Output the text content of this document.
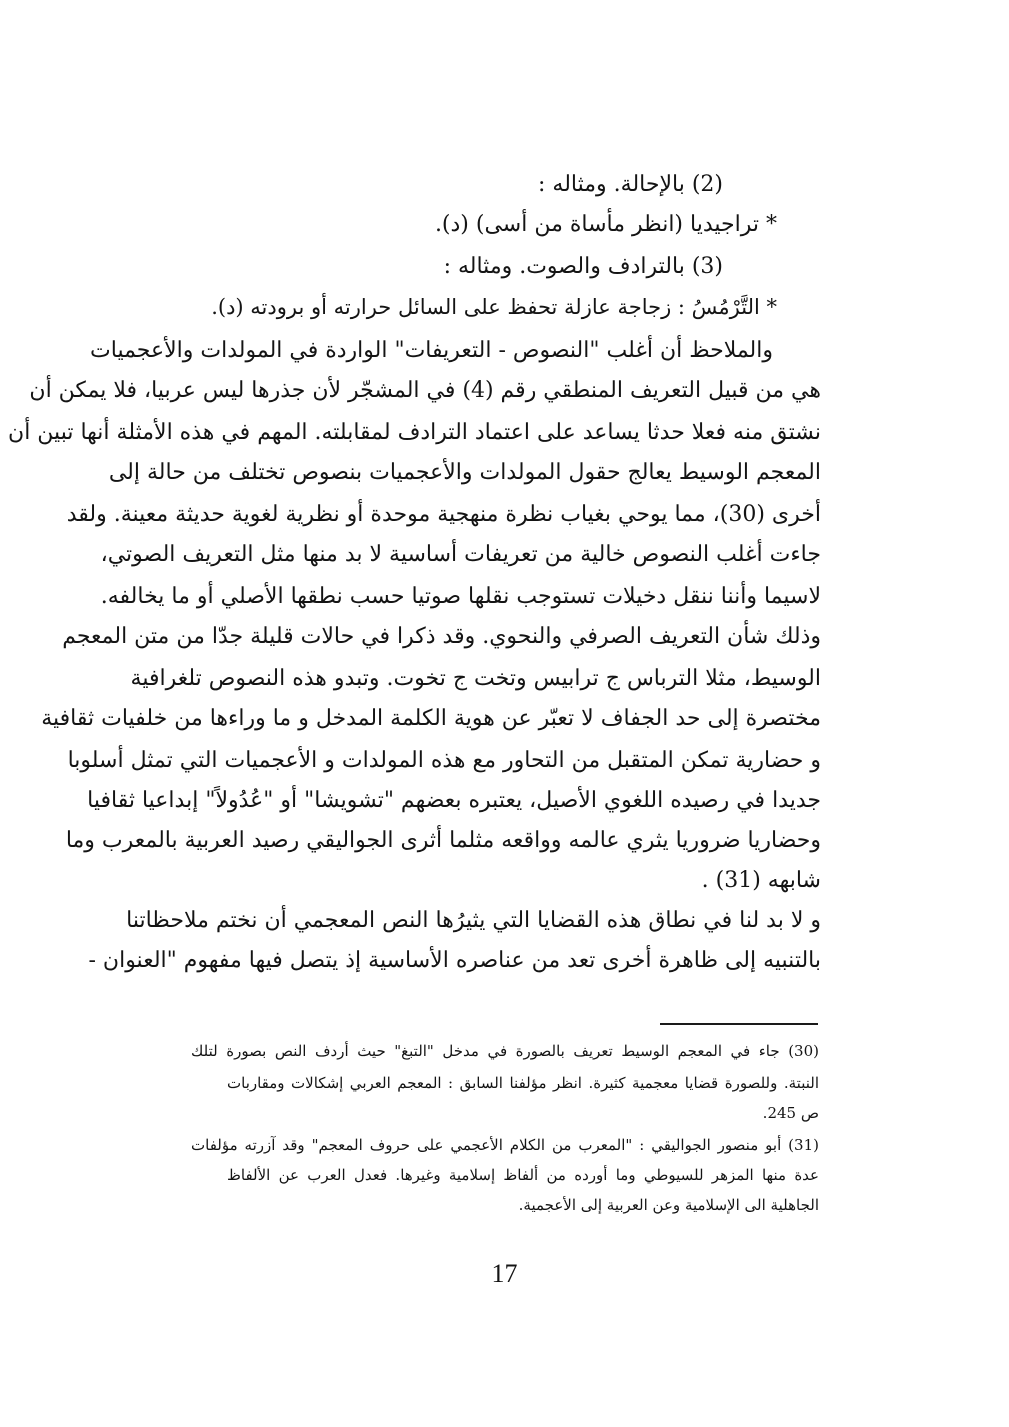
(2) بالإحالة. ومثاله :
* تراجيديا (انظر مأساة من أسى) (د).
(3) بالترادف والصوت. ومثاله :
* التَّرْمُسُ : زجاجة عازلة تحفظ على السائل حرارته أو برودته (د).
والملاحظ أن أغلب "النصوص - التعريفات" الواردة في المولدات والأعجميات
هي من قبيل التعريف المنطقي رقم (4) في المشجّر لأن جذرها ليس عربيا، فلا يمكن أن
نشتق منه فعلا حدثا يساعد على اعتماد الترادف لمقابلته. المهم في هذه الأمثلة أنها تبين أن
المعجم الوسيط يعالج حقول المولدات والأعجميات بنصوص تختلف من حالة إلى
أخرى (30)، مما يوحي بغياب نظرة منهجية موحدة أو نظرية لغوية حديثة معينة. ولقد
جاءت أغلب النصوص خالية من تعريفات أساسية لا بد منها مثل التعريف الصوتي،
لاسيما وأننا ننقل دخيلات تستوجب نقلها صوتيا حسب نطقها الأصلي أو ما يخالفه.
وذلك شأن التعريف الصرفي والنحوي. وقد ذكرا في حالات قليلة جدّا من متن المعجم
الوسيط، مثلا الترباس ج ترابيس وتخت ج تخوت. وتبدو هذه النصوص تلغرافية
مختصرة إلى حد الجفاف لا تعبّر عن هوية الكلمة المدخل و ما وراءها من خلفيات ثقافية
و حضارية تمكن المتقبل من التحاور مع هذه المولدات و الأعجميات التي تمثل أسلوبا
جديدا في رصيده اللغوي الأصيل، يعتبره بعضهم "تشويشا" أو "عُدُولاً" إبداعيا ثقافيا
وحضاريا ضروريا يثري عالمه وواقعه مثلما أثرى الجواليقي رصيد العربية بالمعرب وما
شابهه (31) .
و لا بد لنا في نطاق هذه القضايا التي يثيرُها النص المعجمي أن نختم ملاحظاتنا
بالتنبيه إلى ظاهرة أخرى تعد من عناصره الأساسية إذ يتصل فيها مفهوم "العنوان -
(30) جاء في المعجم الوسيط تعريف بالصورة في مدخل "التبغ" حيث أردف النص بصورة لتلك
النبتة. وللصورة قضايا معجمية كثيرة. انظر مؤلفنا السابق : المعجم العربي إشكالات ومقاربات
ص 245.
(31) أبو منصور الجواليقي : "المعرب من الكلام الأعجمي على حروف المعجم" وقد آزرته مؤلفات
عدة منها المزهر للسيوطي وما أورده من ألفاظ إسلامية وغيرها. فعدل العرب عن الألفاظ
الجاهلية الى الإسلامية وعن العربية إلى الأعجمية.
17
